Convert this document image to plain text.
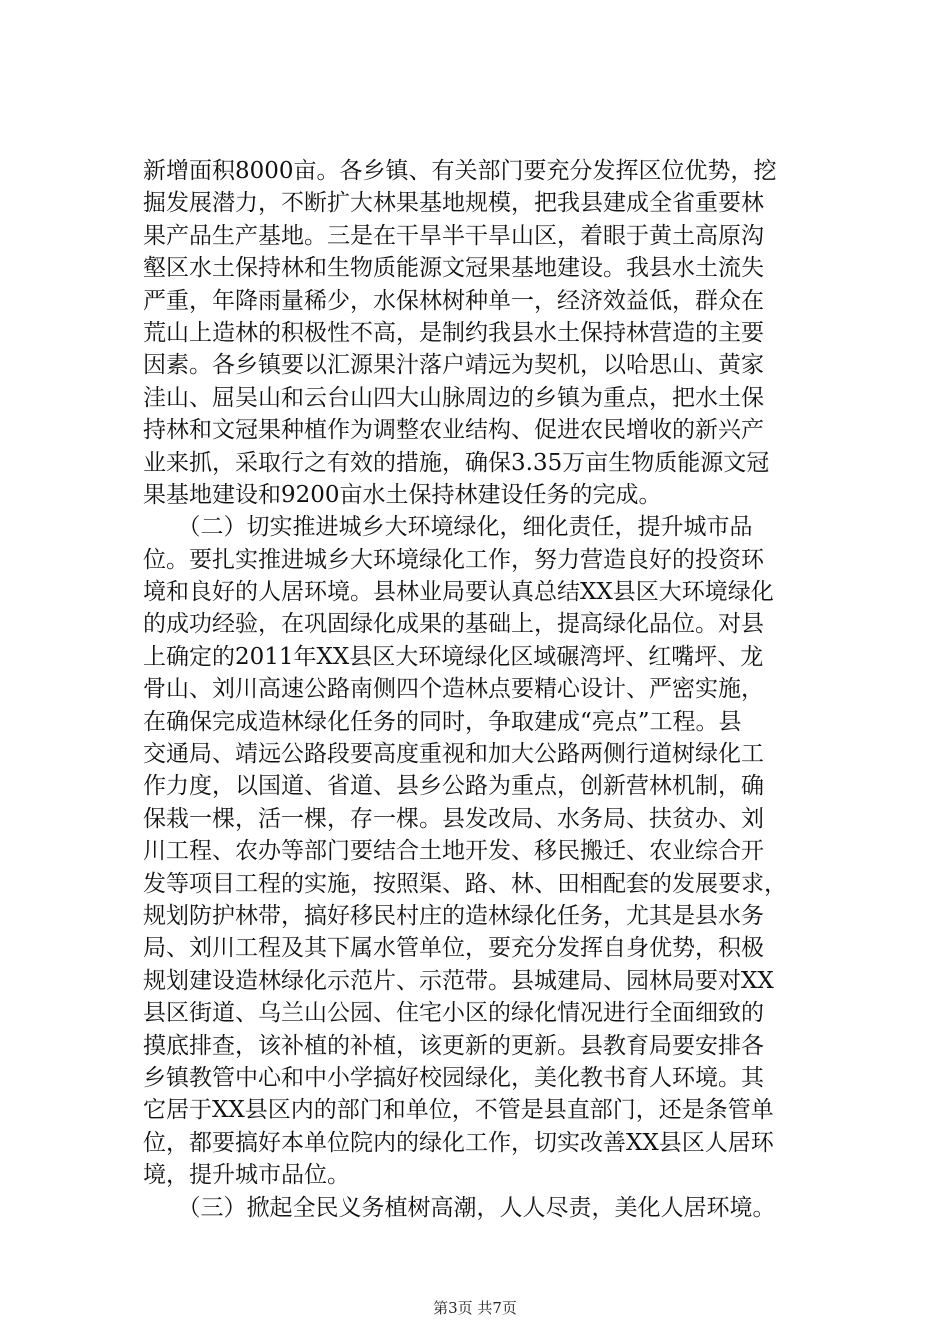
新增面积8000亩。各乡镇、有关部门要充分发挥区位优势，挖
掘发展潜力，不断扩大林果基地规模，把我县建成全省重要林
果产品生产基地。三是在干旱半干旱山区，着眼于黄土高原沟
壑区水土保持林和生物质能源文冠果基地建设。我县水土流失
严重，年降雨量稀少，水保林树种单一，经济效益低，群众在
荒山上造林的积极性不高，是制约我县水土保持林营造的主要
因素。各乡镇要以汇源果汁落户靖远为契机，以哈思山、黄家
洼山、屈吴山和云台山四大山脉周边的乡镇为重点，把水土保
持林和文冠果种植作为调整农业结构、促进农民增收的新兴产
业来抓，采取行之有效的措施，确保3.35万亩生物质能源文冠
果基地建设和9200亩水土保持林建设任务的完成。
　　（二）切实推进城乡大环境绿化，细化责任，提升城市品
位。要扎实推进城乡大环境绿化工作，努力营造良好的投资环
境和良好的人居环境。县林业局要认真总结XX县区大环境绿化
的成功经验，在巩固绿化成果的基础上，提高绿化品位。对县
上确定的2011年XX县区大环境绿化区域碾湾坪、红嘴坪、龙
骨山、刘川高速公路南侧四个造林点要精心设计、严密实施，
在确保完成造林绿化任务的同时，争取建成“亮点”工程。县
交通局、靖远公路段要高度重视和加大公路两侧行道树绿化工
作力度，以国道、省道、县乡公路为重点，创新营林机制，确
保栽一棵，活一棵，存一棵。县发改局、水务局、扶贫办、刘
川工程、农办等部门要结合土地开发、移民搬迁、农业综合开
发等项目工程的实施，按照渠、路、林、田相配套的发展要求，
规划防护林带，搞好移民村庄的造林绿化任务，尤其是县水务
局、刘川工程及其下属水管单位，要充分发挥自身优势，积极
规划建设造林绿化示范片、示范带。县城建局、园林局要对XX
县区街道、乌兰山公园、住宅小区的绿化情况进行全面细致的
摸底排查，该补植的补植，该更新的更新。县教育局要安排各
乡镇教管中心和中小学搞好校园绿化，美化教书育人环境。其
它居于XX县区内的部门和单位，不管是县直部门，还是条管单
位，都要搞好本单位院内的绿化工作，切实改善XX县区人居环
境，提升城市品位。
　　（三）掀起全民义务植树高潮，人人尽责，美化人居环境。
第3页 共7页
